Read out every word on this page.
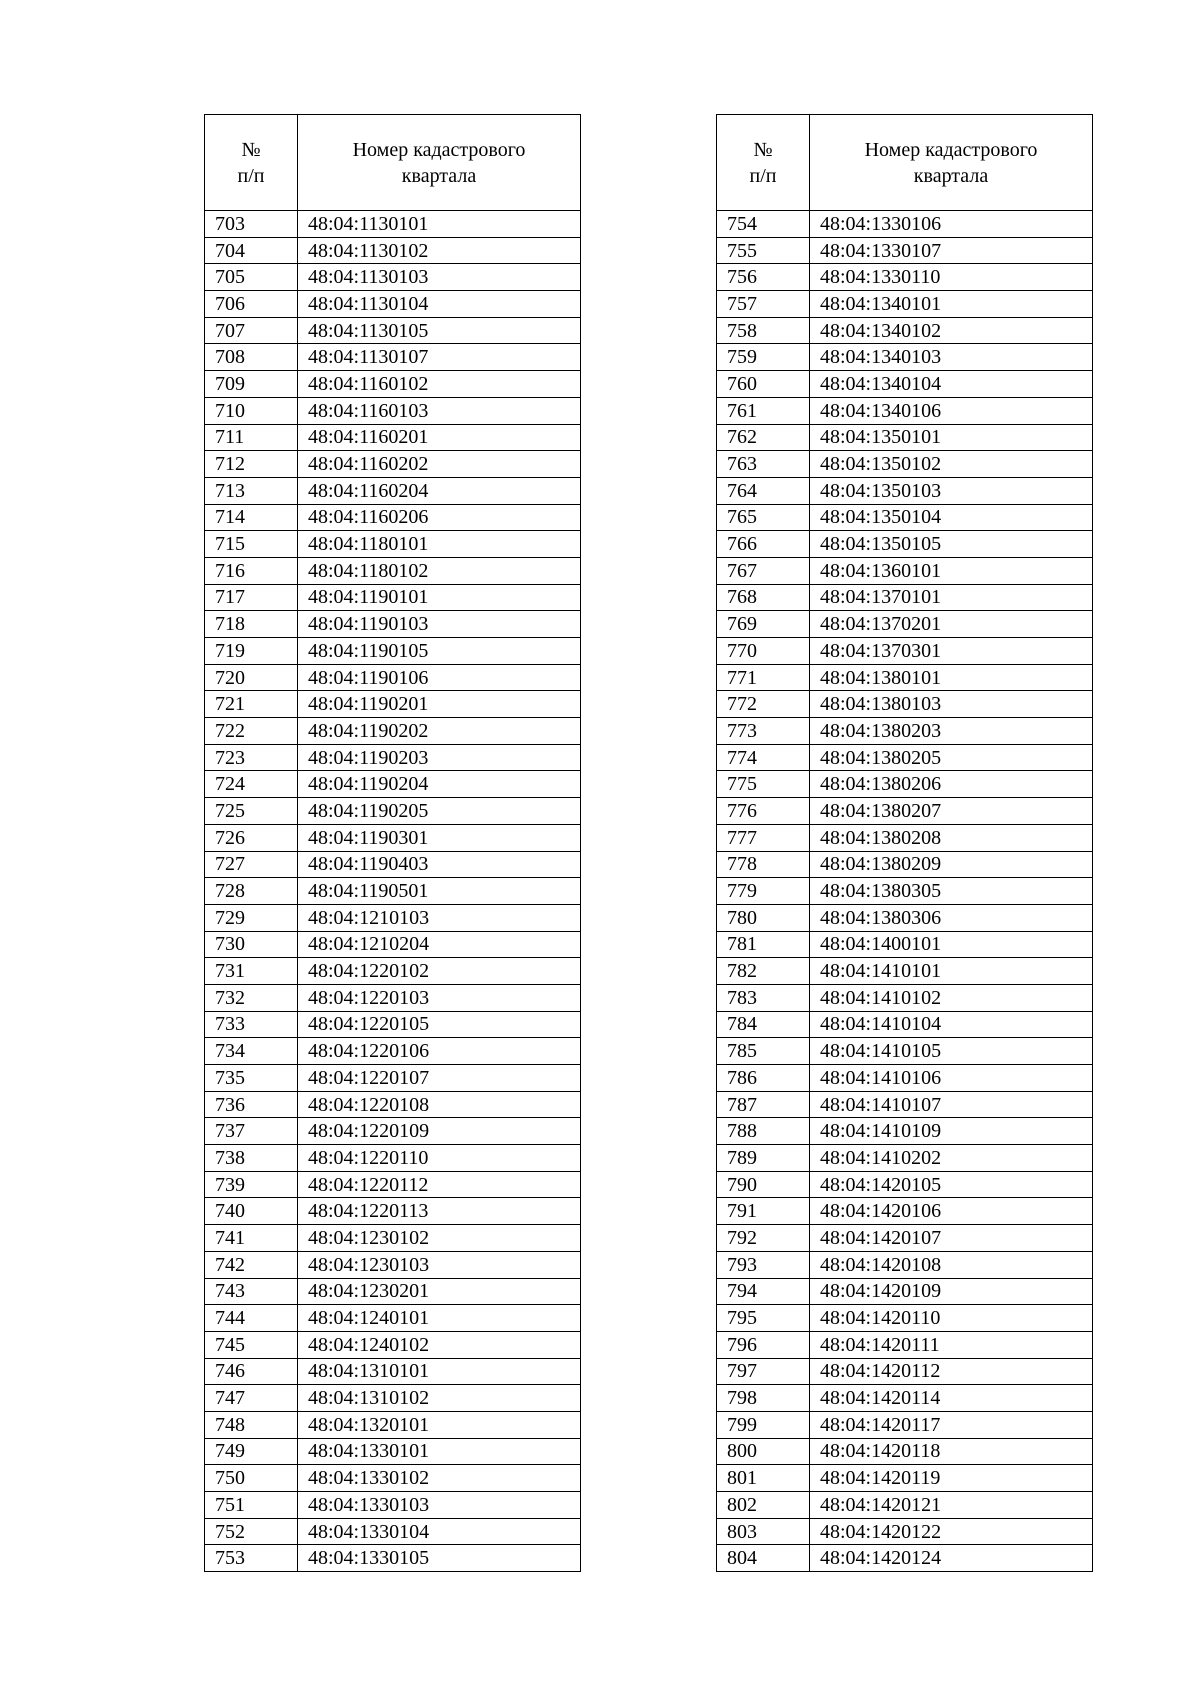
№
п/п	Номер кадастрового
квартала

703	48:04:1130101
704	48:04:1130102
705	48:04:1130103
706	48:04:1130104
707	48:04:1130105
708	48:04:1130107
709	48:04:1160102
710	48:04:1160103
711	48:04:1160201
712	48:04:1160202
713	48:04:1160204
714	48:04:1160206
715	48:04:1180101
716	48:04:1180102
717	48:04:1190101
718	48:04:1190103
719	48:04:1190105
720	48:04:1190106
721	48:04:1190201
722	48:04:1190202
723	48:04:1190203
724	48:04:1190204
725	48:04:1190205
726	48:04:1190301
727	48:04:1190403
728	48:04:1190501
729	48:04:1210103
730	48:04:1210204
731	48:04:1220102
732	48:04:1220103
733	48:04:1220105
734	48:04:1220106
735	48:04:1220107
736	48:04:1220108
737	48:04:1220109
738	48:04:1220110
739	48:04:1220112
740	48:04:1220113
741	48:04:1230102
742	48:04:1230103
743	48:04:1230201
744	48:04:1240101
745	48:04:1240102
746	48:04:1310101
747	48:04:1310102
748	48:04:1320101
749	48:04:1330101
750	48:04:1330102
751	48:04:1330103
752	48:04:1330104
753	48:04:1330105
№
п/п	Номер кадастрового
квартала

754	48:04:1330106
755	48:04:1330107
756	48:04:1330110
757	48:04:1340101
758	48:04:1340102
759	48:04:1340103
760	48:04:1340104
761	48:04:1340106
762	48:04:1350101
763	48:04:1350102
764	48:04:1350103
765	48:04:1350104
766	48:04:1350105
767	48:04:1360101
768	48:04:1370101
769	48:04:1370201
770	48:04:1370301
771	48:04:1380101
772	48:04:1380103
773	48:04:1380203
774	48:04:1380205
775	48:04:1380206
776	48:04:1380207
777	48:04:1380208
778	48:04:1380209
779	48:04:1380305
780	48:04:1380306
781	48:04:1400101
782	48:04:1410101
783	48:04:1410102
784	48:04:1410104
785	48:04:1410105
786	48:04:1410106
787	48:04:1410107
788	48:04:1410109
789	48:04:1410202
790	48:04:1420105
791	48:04:1420106
792	48:04:1420107
793	48:04:1420108
794	48:04:1420109
795	48:04:1420110
796	48:04:1420111
797	48:04:1420112
798	48:04:1420114
799	48:04:1420117
800	48:04:1420118
801	48:04:1420119
802	48:04:1420121
803	48:04:1420122
804	48:04:1420124
